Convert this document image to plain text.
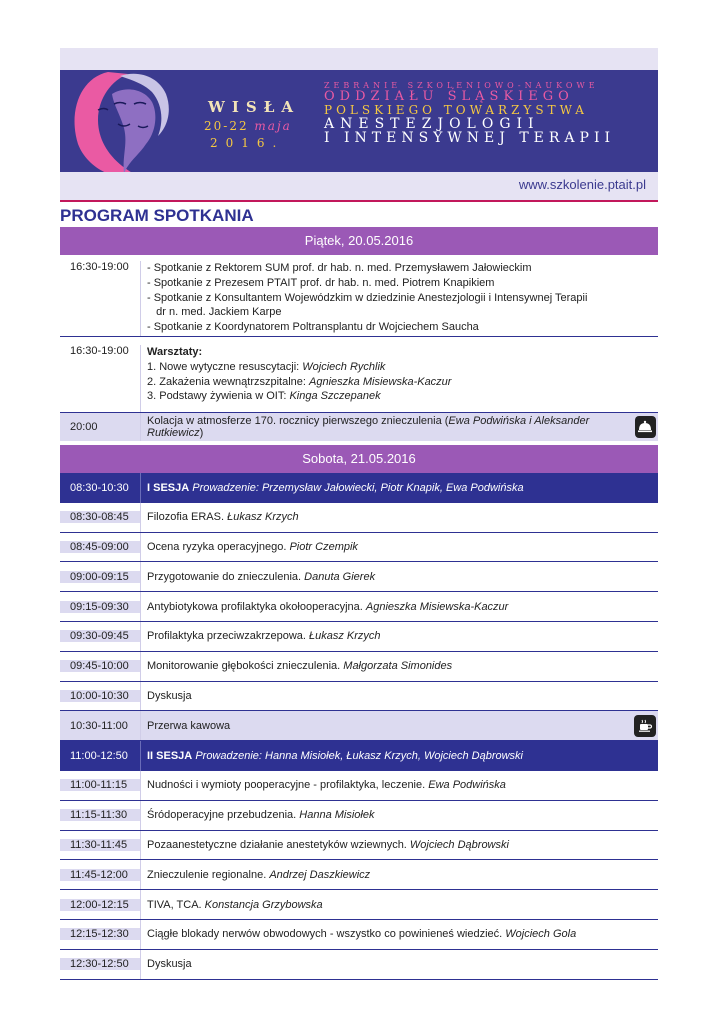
WISŁA
20-22 maja
2016.
ZEBRANIE SZKOLENIOWO-NAUKOWE
ODDZIAŁU ŚLĄSKIEGO
POLSKIEGO TOWARZYSTWA
ANESTEZJOLOGII
I INTENSYWNEJ TERAPII
www.szkolenie.ptait.pl
PROGRAM SPOTKANIA
Piątek, 20.05.2016
16:30-19:00	- Spotkanie z Rektorem SUM prof. dr hab. n. med. Przemysławem Jałowieckim
- Spotkanie z Prezesem PTAIT prof. dr hab. n. med. Piotrem Knapikiem
- Spotkanie z Konsultantem Wojewódzkim w dziedzinie Anestezjologii i Intensywnej Terapii
dr n. med. Jackiem Karpe
- Spotkanie z Koordynatorem Poltransplantu dr Wojciechem Saucha
16:30-19:00	Warsztaty:
1. Nowe wytyczne resuscytacji: Wojciech Rychlik
2. Zakażenia wewnątrzszpitalne: Agnieszka Misiewska-Kaczur
3. Podstawy żywienia w OIT: Kinga Szczepanek
20:00	Kolacja w atmosferze 170. rocznicy pierwszego znieczulenia (Ewa Podwińska i Aleksander Rutkiewicz)
Sobota, 21.05.2016
08:30-10:30	I SESJA Prowadzenie: Przemysław Jałowiecki, Piotr Knapik, Ewa Podwińska
08:30-08:45	Filozofia ERAS. Łukasz Krzych
08:45-09:00	Ocena ryzyka operacyjnego. Piotr Czempik
09:00-09:15	Przygotowanie do znieczulenia. Danuta Gierek
09:15-09:30	Antybiotykowa profilaktyka okołooperacyjna. Agnieszka Misiewska-Kaczur
09:30-09:45	Profilaktyka przeciwzakrzepowa. Łukasz Krzych
09:45-10:00	Monitorowanie głębokości znieczulenia. Małgorzata Simonides
10:00-10:30	Dyskusja
10:30-11:00	Przerwa kawowa
11:00-12:50	II SESJA Prowadzenie: Hanna Misiołek, Łukasz Krzych, Wojciech Dąbrowski
11:00-11:15	Nudności i wymioty pooperacyjne - profilaktyka, leczenie. Ewa Podwińska
11:15-11:30	Śródoperacyjne przebudzenia. Hanna Misiołek
11:30-11:45	Pozaanestetyczne działanie anestetyków wziewnych. Wojciech Dąbrowski
11:45-12:00	Znieczulenie regionalne. Andrzej Daszkiewicz
12:00-12:15	TIVA, TCA. Konstancja Grzybowska
12:15-12:30	Ciągłe blokady nerwów obwodowych - wszystko co powinieneś wiedzieć. Wojciech Gola
12:30-12:50	Dyskusja
